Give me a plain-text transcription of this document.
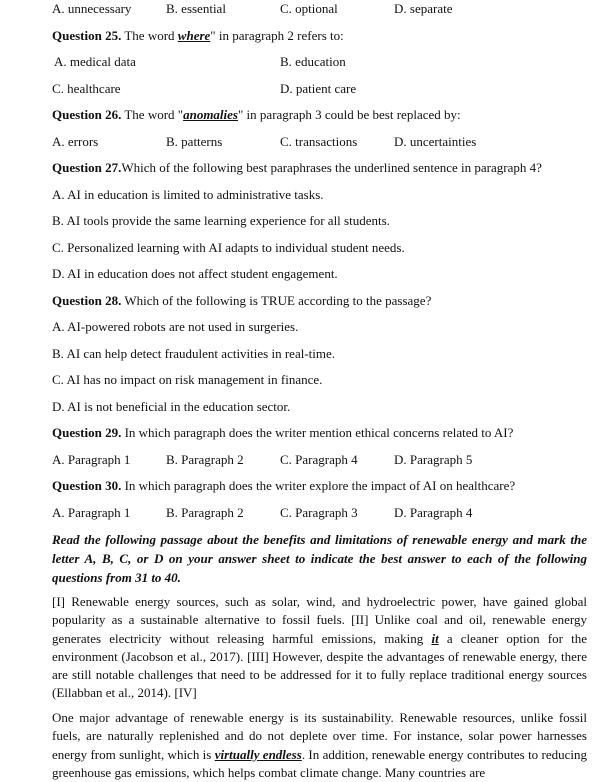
A. unnecessary	B. essential	C. optional	D. separate
Question 25. The word where" in paragraph 2 refers to:
A. medical data	B. education
C. healthcare	D. patient care
Question 26. The word "anomalies" in paragraph 3 could be best replaced by:
A. errors	B. patterns	C. transactions	D. uncertainties
Question 27.Which of the following best paraphrases the underlined sentence in paragraph 4?
A. AI in education is limited to administrative tasks.
B. AI tools provide the same learning experience for all students.
C. Personalized learning with AI adapts to individual student needs.
D. AI in education does not affect student engagement.
Question 28. Which of the following is TRUE according to the passage?
A. AI-powered robots are not used in surgeries.
B. AI can help detect fraudulent activities in real-time.
C. AI has no impact on risk management in finance.
D. AI is not beneficial in the education sector.
Question 29. In which paragraph does the writer mention ethical concerns related to AI?
A. Paragraph 1	B. Paragraph 2	C. Paragraph 4	D. Paragraph 5
Question 30. In which paragraph does the writer explore the impact of AI on healthcare?
A. Paragraph 1	B. Paragraph 2	C. Paragraph 3	D. Paragraph 4
Read the following passage about the benefits and limitations of renewable energy and mark the letter A, B, C, or D on your answer sheet to indicate the best answer to each of the following questions from 31 to 40.
[I] Renewable energy sources, such as solar, wind, and hydroelectric power, have gained global popularity as a sustainable alternative to fossil fuels. [II] Unlike coal and oil, renewable energy generates electricity without releasing harmful emissions, making it a cleaner option for the environment (Jacobson et al., 2017). [III] However, despite the advantages of renewable energy, there are still notable challenges that need to be addressed for it to fully replace traditional energy sources (Ellabban et al., 2014). [IV]
One major advantage of renewable energy is its sustainability. Renewable resources, unlike fossil fuels, are naturally replenished and do not deplete over time. For instance, solar power harnesses energy from sunlight, which is virtually endless. In addition, renewable energy contributes to reducing greenhouse gas emissions, which helps combat climate change. Many countries are
